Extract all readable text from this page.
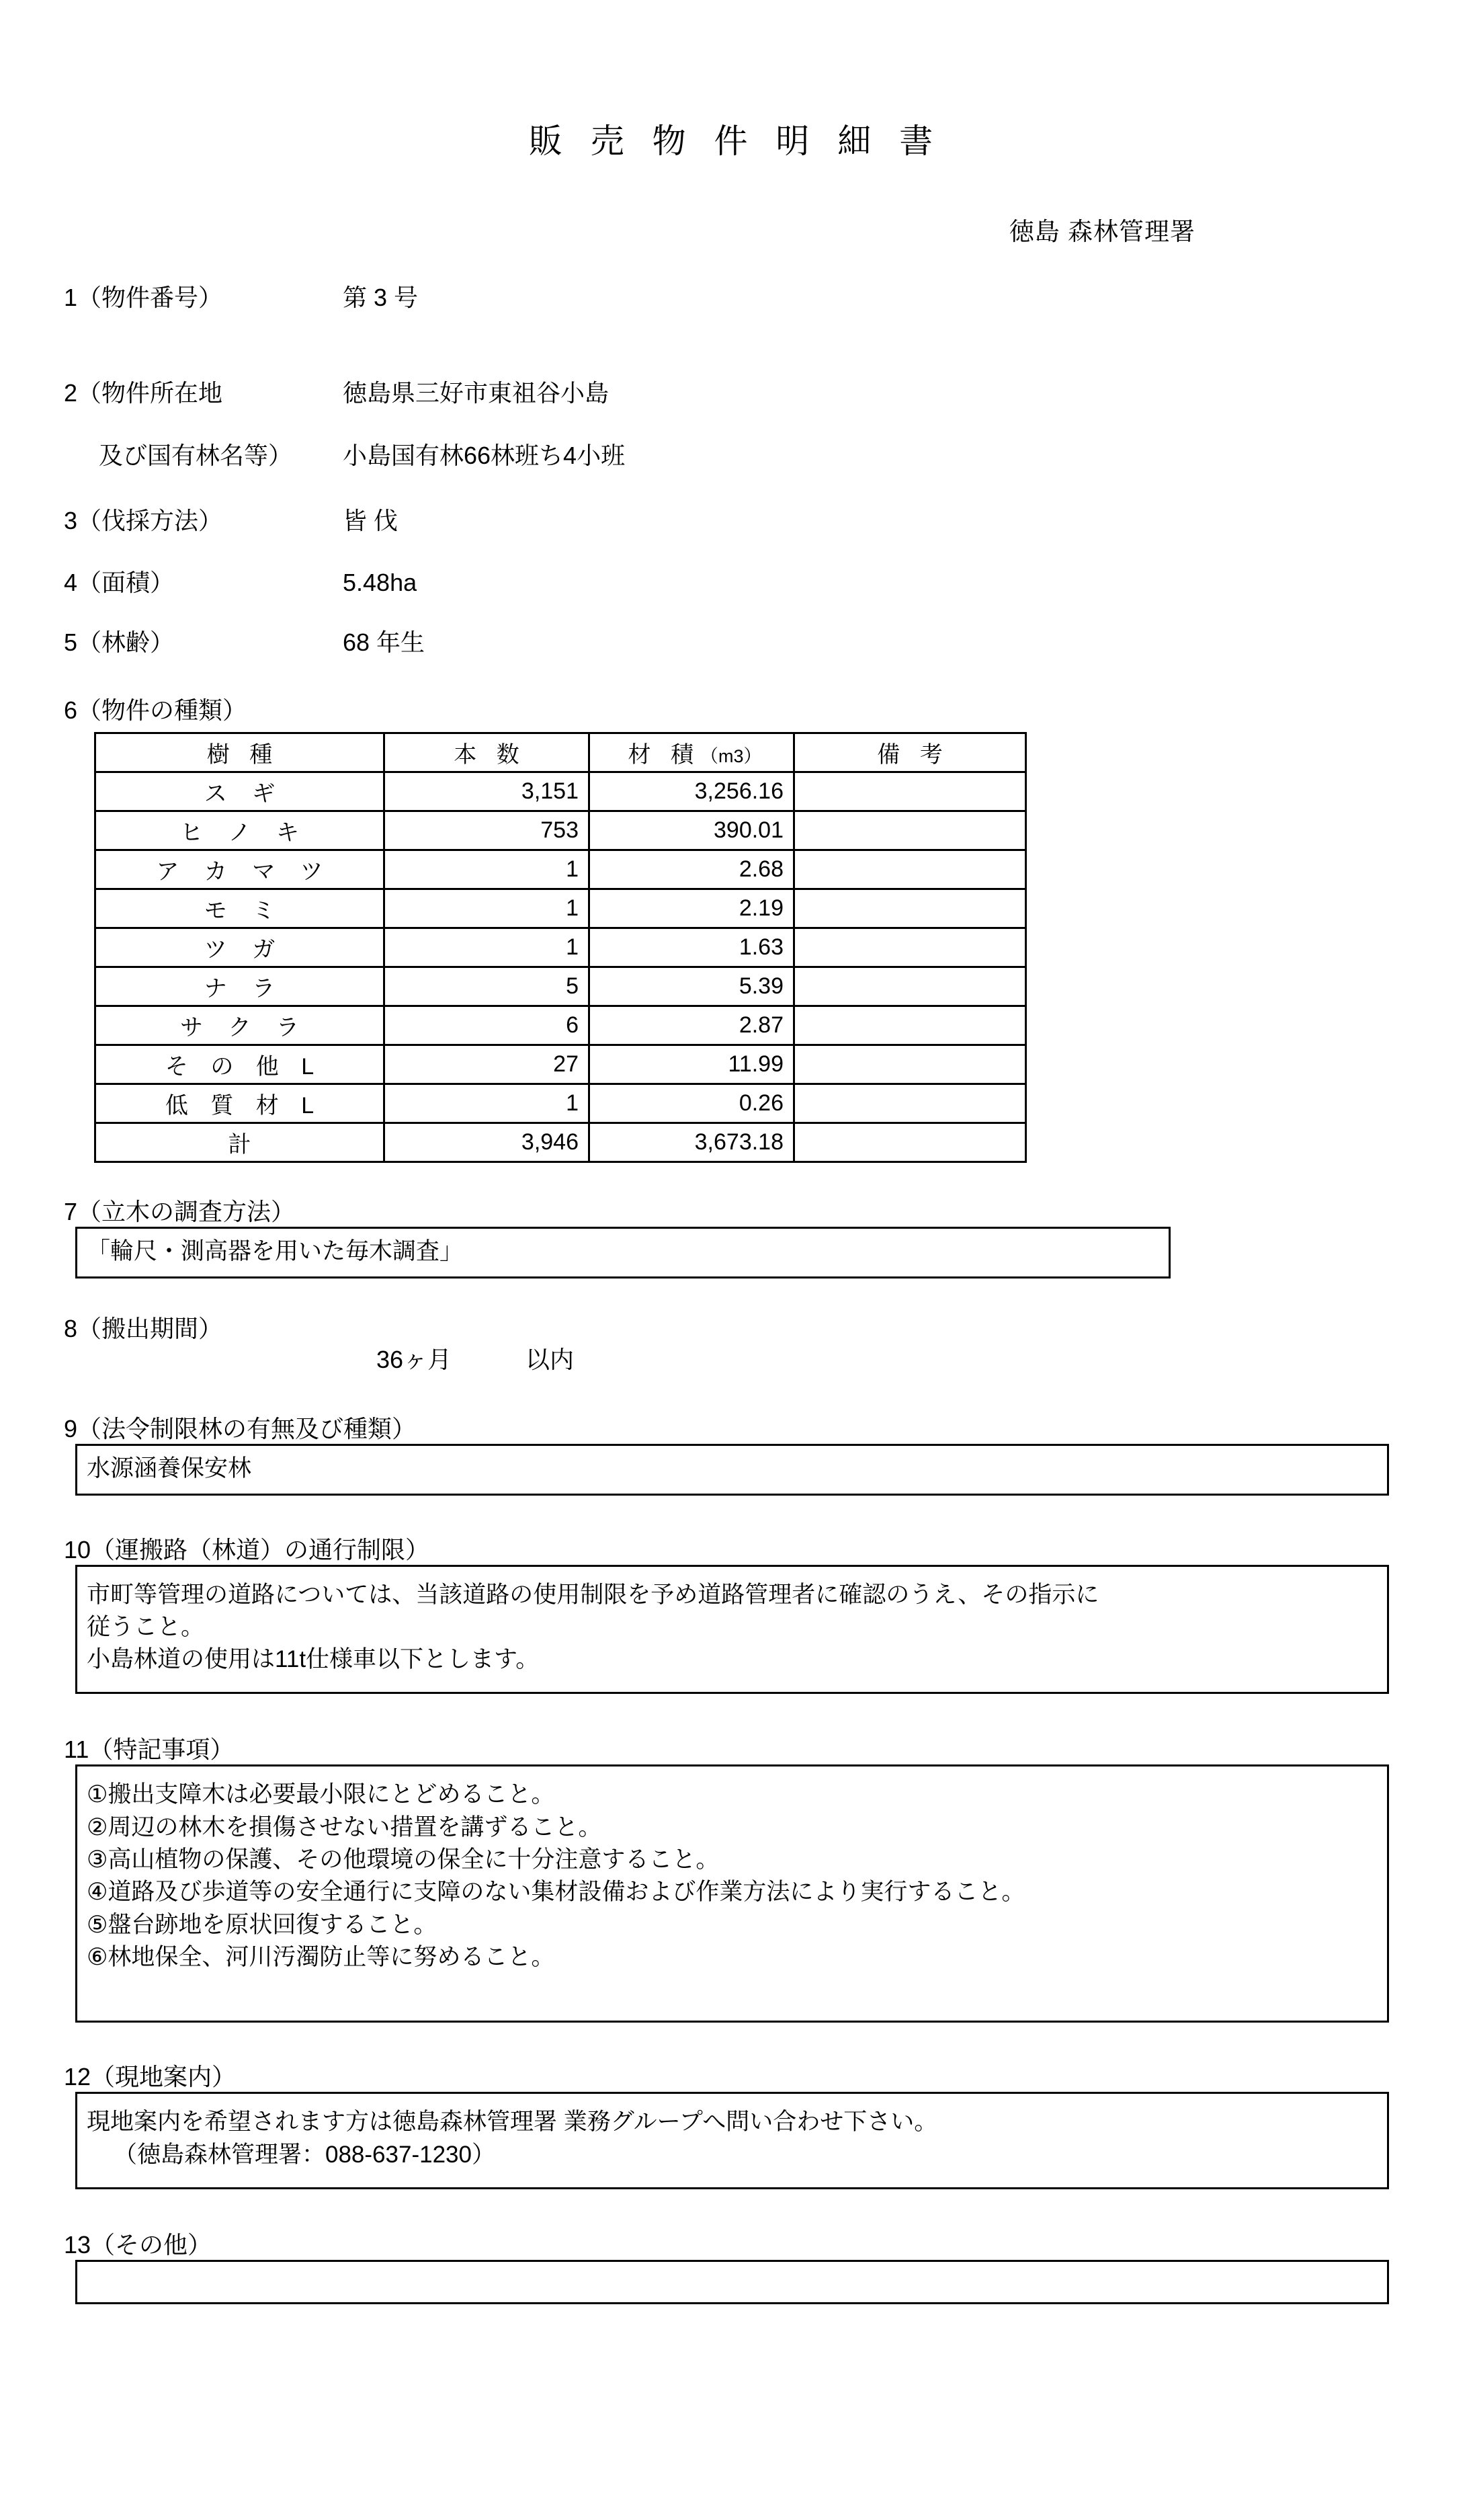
販 売 物 件 明 細 書
徳島 森林管理署
1（物件番号）	第 3 号

2（物件所在地

及び国有林名等）

徳島県三好市東祖谷小島

小島国有林66林班ち4小班

3（伐採方法）	皆 伐
4（面積）	5.48ha
5（林齢）	68 年生
6（物件の種類）
樹 種	本 数	材 積（m3）	備 考
ス ギ	3,151	3,256.16	
ヒ ノ キ	753	390.01	
ア カ マ ツ	1	2.68	
モ ミ	1	2.19	
ツ ガ	1	1.63	
ナ ラ	5	5.39	
サ ク ラ	6	2.87	
そ の 他 L	27	11.99	
低 質 材 L	1	0.26	
計	3,946	3,673.18	
7（立木の調査方法）

「輪尺・測高器を用いた毎木調査」

8（搬出期間）

36ヶ月	以内

9（法令制限林の有無及び種類）

水源涵養保安林

10（運搬路（林道）の通行制限）

市町等管理の道路については、当該道路の使用制限を予め道路管理者に確認のうえ、その指示に

従うこと。

小島林道の使用は11t仕様車以下とします。

11（特記事項）

①搬出支障木は必要最小限にとどめること。

②周辺の林木を損傷させない措置を講ずること。

③高山植物の保護、その他環境の保全に十分注意すること。

④道路及び歩道等の安全通行に支障のない集材設備および作業方法により実行すること。

⑤盤台跡地を原状回復すること。

⑥林地保全、河川汚濁防止等に努めること。

12（現地案内）

現地案内を希望されます方は徳島森林管理署 業務グループへ問い合わせ下さい。

（徳島森林管理署：088-637-1230）

13（その他）
